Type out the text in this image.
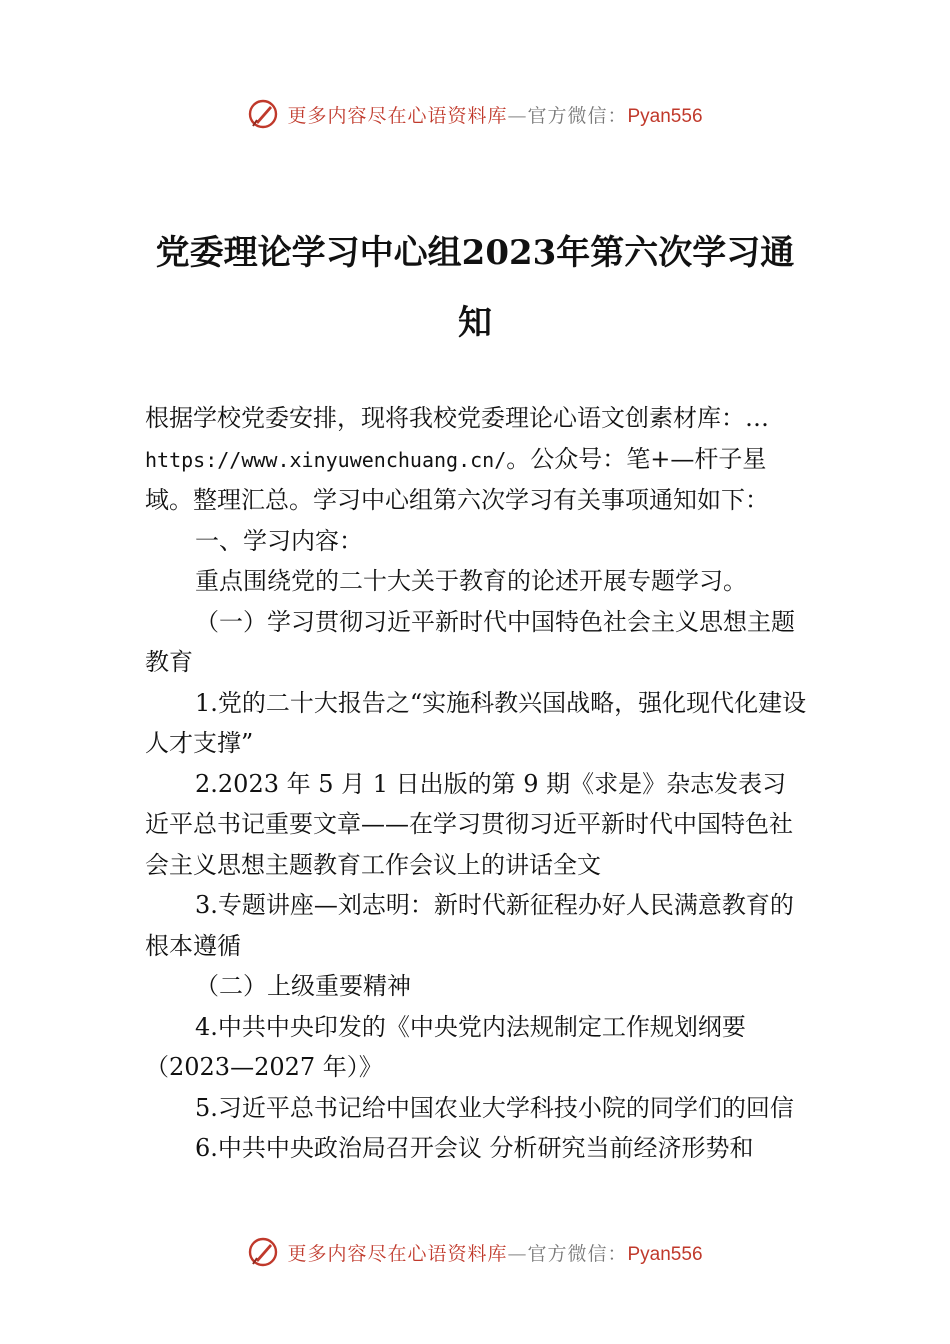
更多内容尽在心语资料库—官方微信：Pyan556
党委理论学习中心组2023年第六次学习通知

根据学校党委安排，现将我校党委理论心语文创素材库：…https://www.xinyuwenchuang.cn/。公众号：笔+—杆子星域。整理汇总。学习中心组第六次学习有关事项通知如下：

一、学习内容：

重点围绕党的二十大关于教育的论述开展专题学习。

（一）学习贯彻习近平新时代中国特色社会主义思想主题教育

1.党的二十大报告之“实施科教兴国战略，强化现代化建设人才支撑”

2.2023 年 5 月 1 日出版的第 9 期《求是》杂志发表习近平总书记重要文章——在学习贯彻习近平新时代中国特色社会主义思想主题教育工作会议上的讲话全文

3.专题讲座—刘志明：新时代新征程办好人民满意教育的根本遵循

（二）上级重要精神

4.中共中央印发的《中央党内法规制定工作规划纲要（2023—2027 年）》

5.习近平总书记给中国农业大学科技小院的同学们的回信

6.中共中央政治局召开会议 分析研究当前经济形势和

更多内容尽在心语资料库—官方微信：Pyan556
